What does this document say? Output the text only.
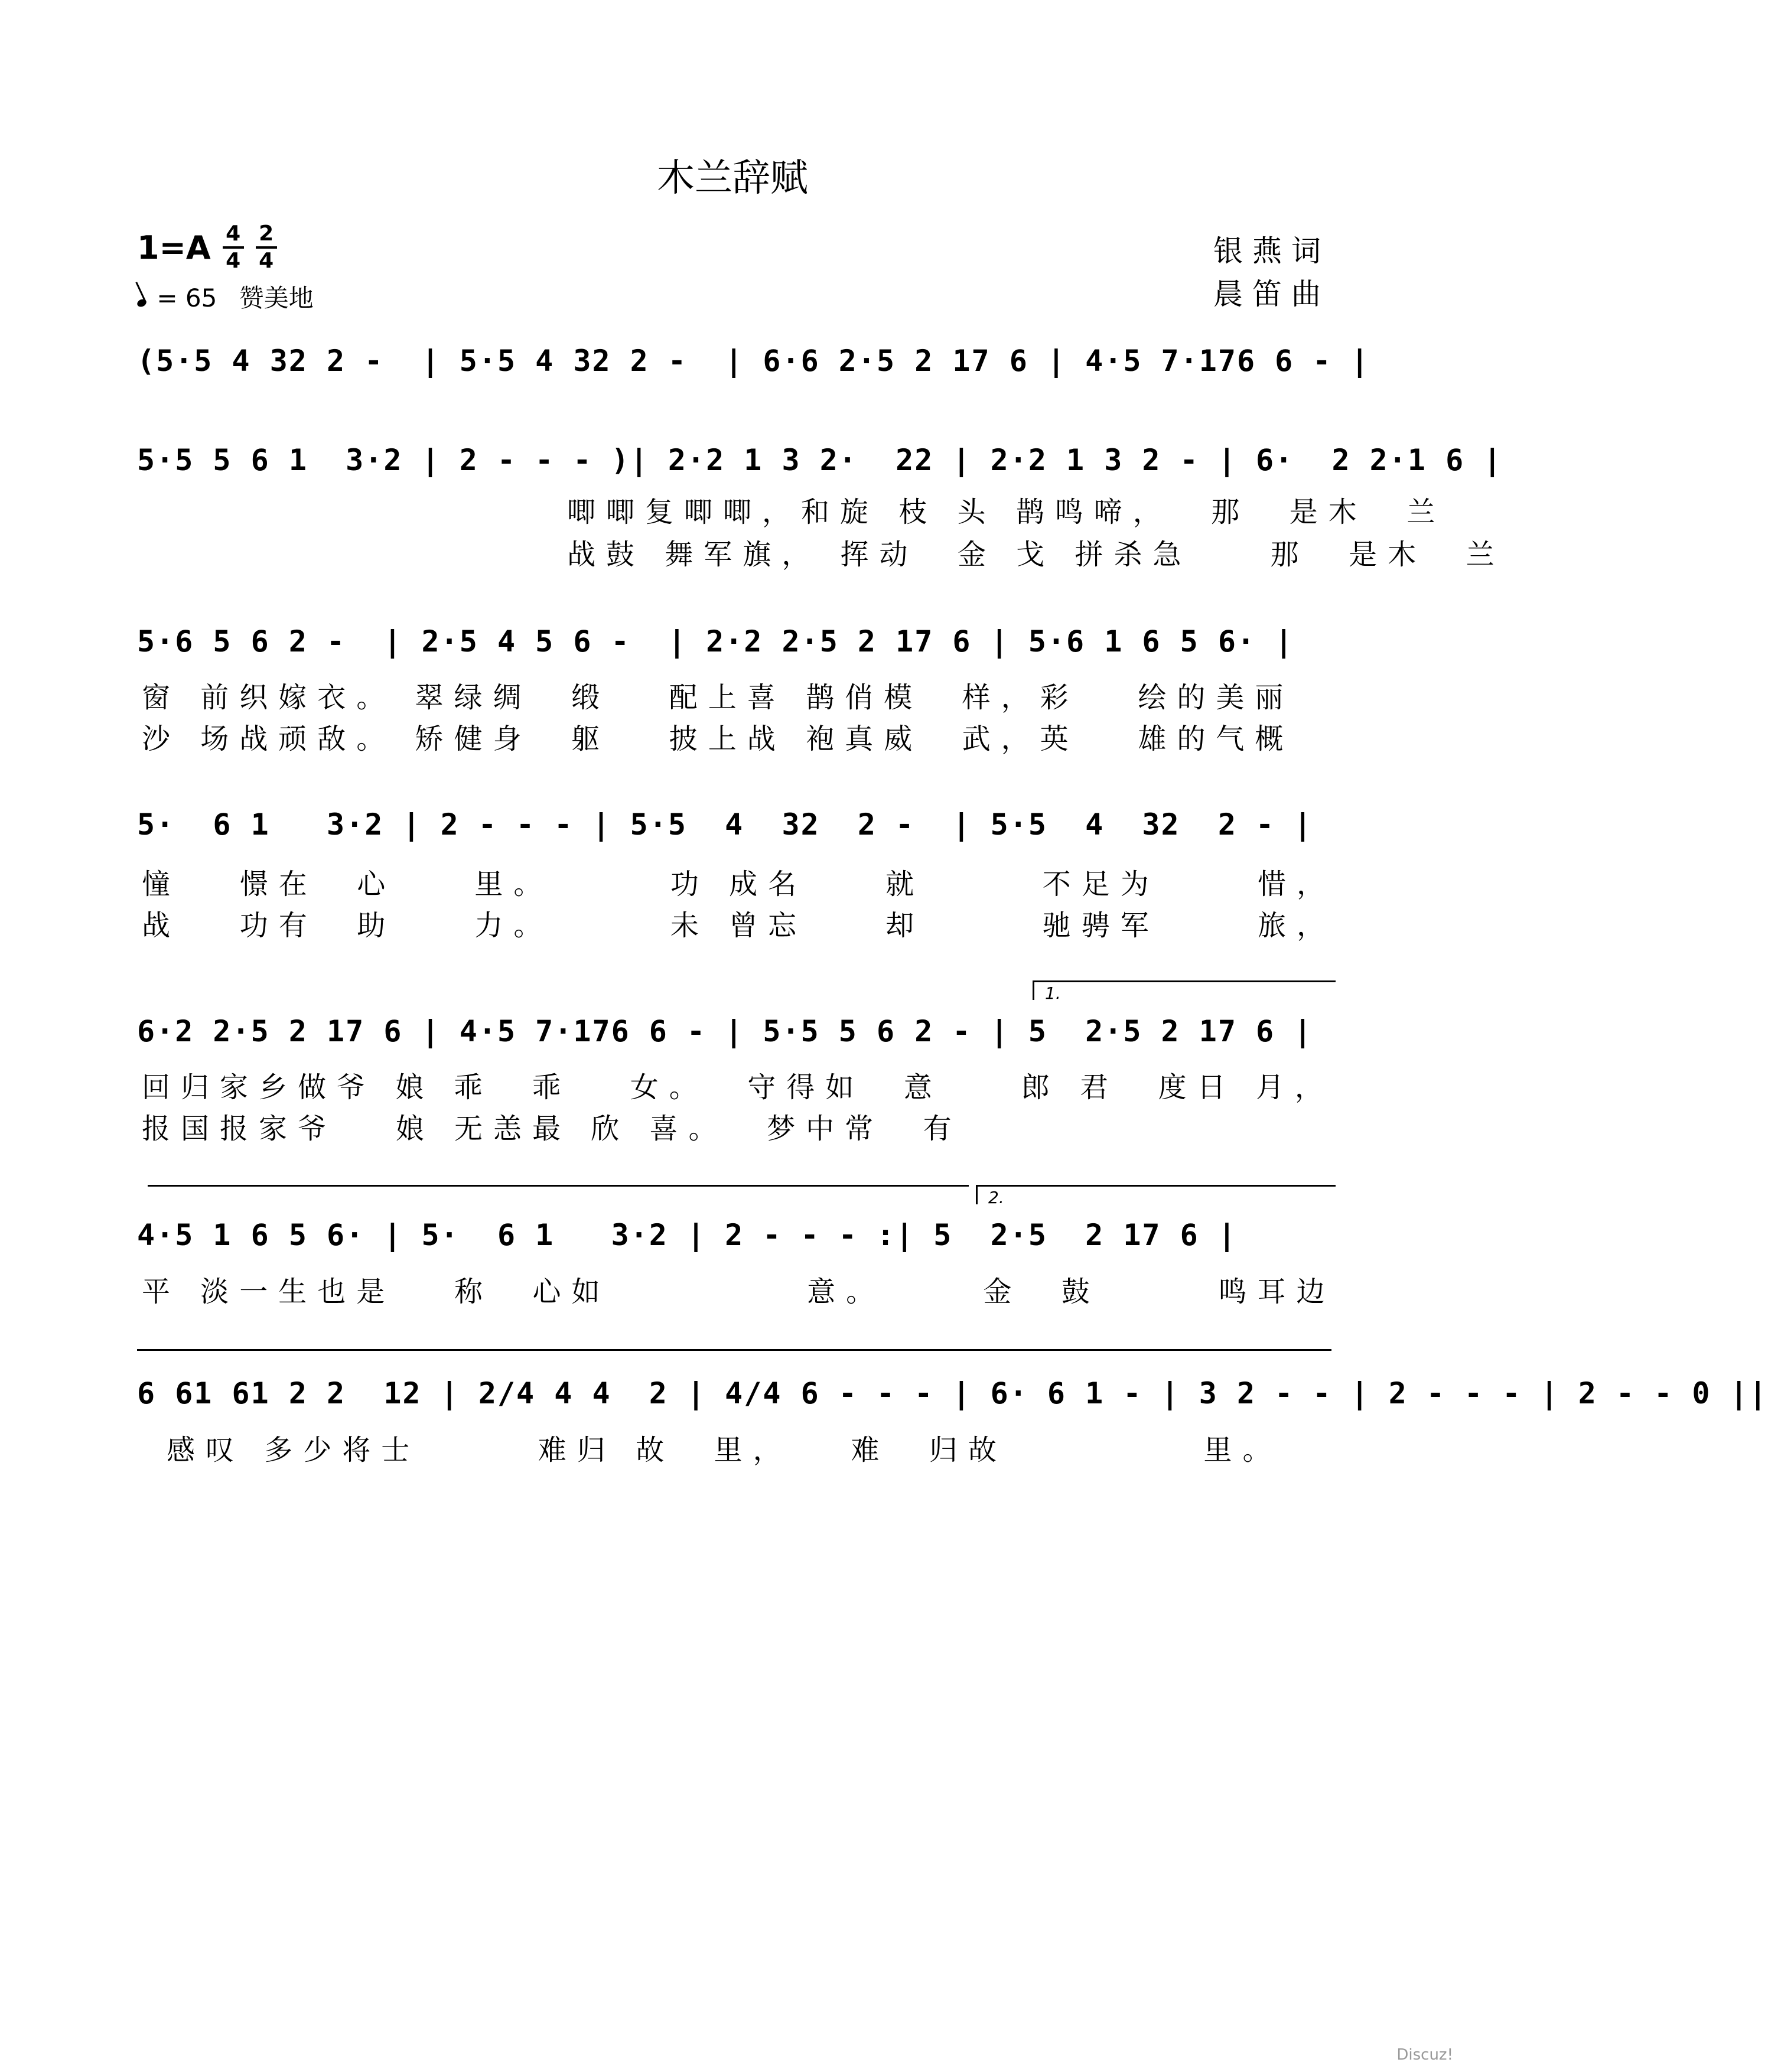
木兰辞赋
$1=A \frac{4}{4} \frac{2}{4}$
= 65 赞美地
银燕词
晨笛曲

(5·5 4 32 2 -  | 5·5 4 32 2 -  | 6·6 2·5 2 17 6 | 4·5 7·176 6 - |

5·5 5 6 1  3·2 | 2 - - - )| 2·2 1 3 2·  22 | 2·2 1 3 2 - | 6·  2 2·1 6 |

唧唧复唧唧，和旋 枝 头 鹊鸣啼，  那  是木  兰
战鼓 舞军旗， 挥动  金 戈 拼杀急    那  是木  兰

5·6 5 6 2 -  | 2·5 4 5 6 -  | 2·2 2·5 2 17 6 | 5·6 1 6 5 6· |

窗 前织嫁衣。 翠绿绸  缎   配上喜 鹊俏模  样，彩   绘的美丽
沙 场战顽敌。 矫健身  躯   披上战 袍真威  武，英   雄的气概

5·  6 1   3·2 | 2 - - - | 5·5  4  32  2 -  | 5·5  4  32  2 - |

憧   憬在  心    里。      功 成名    就      不足为     惜，
战   功有  助    力。      未 曾忘    却      驰骋军     旅，
1.

6·2 2·5 2 17 6 | 4·5 7·176 6 - | 5·5 5 6 2 - | 5  2·5 2 17 6 |

回归家乡做爷 娘 乖  乖   女。  守得如  意    郎 君  度日 月，
报国报家爷   娘 无恙最 欣 喜。  梦中常  有
2.

4·5 1 6 5 6· | 5·  6 1   3·2 | 2 - - - :| 5  2·5  2 17 6 |

平 淡一生也是   称  心如          意。     金  鼓      鸣耳边

6 61 61 2 2  12 | 2/4 4 4  2 | 4/4 6 - - - | 6· 6 1 - | 3 2 - - | 2 - - - | 2 - - 0 ||

感叹 多少将士      难归 故  里，   难  归故          里。
Discuz!
